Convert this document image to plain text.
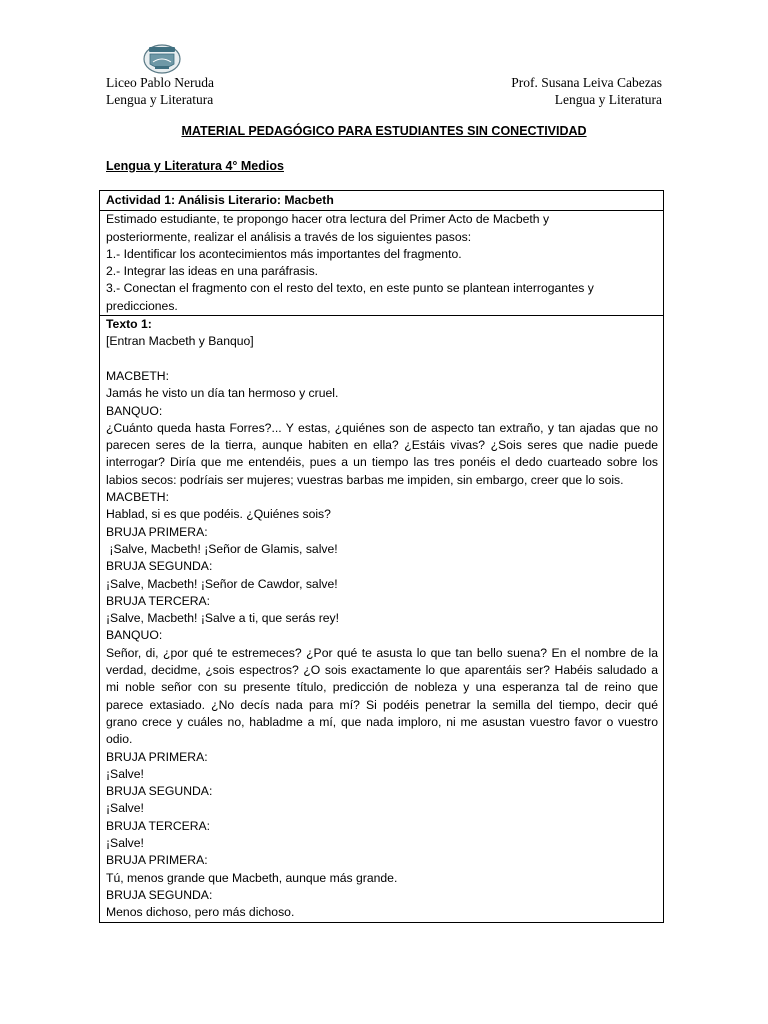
Liceo Pablo Neruda
Lengua y Literatura
Prof. Susana Leiva Cabezas
Lengua y Literatura
MATERIAL PEDAGÓGICO PARA ESTUDIANTES SIN CONECTIVIDAD
Lengua y Literatura 4° Medios
Actividad 1: Análisis Literario: Macbeth
Estimado estudiante, te propongo hacer otra lectura del Primer Acto de Macbeth y
posteriormente, realizar el análisis a través de los siguientes pasos:
1.- Identificar los acontecimientos más importantes del fragmento.
2.- Integrar las ideas en una paráfrasis.
3.- Conectan el fragmento con el resto del texto, en este punto se plantean interrogantes y
predicciones.
Texto 1:
[Entran Macbeth y Banquo]
MACBETH:
Jamás he visto un día tan hermoso y cruel.
BANQUO:
¿Cuánto queda hasta Forres?... Y estas, ¿quiénes son de aspecto tan extraño, y tan ajadas que no
parecen seres de la tierra, aunque habiten en ella? ¿Estáis vivas? ¿Sois seres que nadie puede
interrogar? Diría que me entendéis, pues a un tiempo las tres ponéis el dedo cuarteado sobre los
labios secos: podríais ser mujeres; vuestras barbas me impiden, sin embargo, creer que lo sois.
MACBETH:
Hablad, si es que podéis. ¿Quiénes sois?
BRUJA PRIMERA:
¡Salve, Macbeth! ¡Señor de Glamis, salve!
BRUJA SEGUNDA:
¡Salve, Macbeth! ¡Señor de Cawdor, salve!
BRUJA TERCERA:
¡Salve, Macbeth! ¡Salve a ti, que serás rey!
BANQUO:
Señor, di, ¿por qué te estremeces? ¿Por qué te asusta lo que tan bello suena? En el nombre de la
verdad, decidme, ¿sois espectros? ¿O sois exactamente lo que aparentáis ser? Habéis saludado a
mi noble señor con su presente título, predicción de nobleza y una esperanza tal de reino que
parece extasiado. ¿No decís nada para mí? Si podéis penetrar la semilla del tiempo, decir qué
grano crece y cuáles no, habladme a mí, que nada imploro, ni me asustan vuestro favor o vuestro
odio.
BRUJA PRIMERA:
¡Salve!
BRUJA SEGUNDA:
¡Salve!
BRUJA TERCERA:
¡Salve!
BRUJA PRIMERA:
Tú, menos grande que Macbeth, aunque más grande.
BRUJA SEGUNDA:
Menos dichoso, pero más dichoso.
